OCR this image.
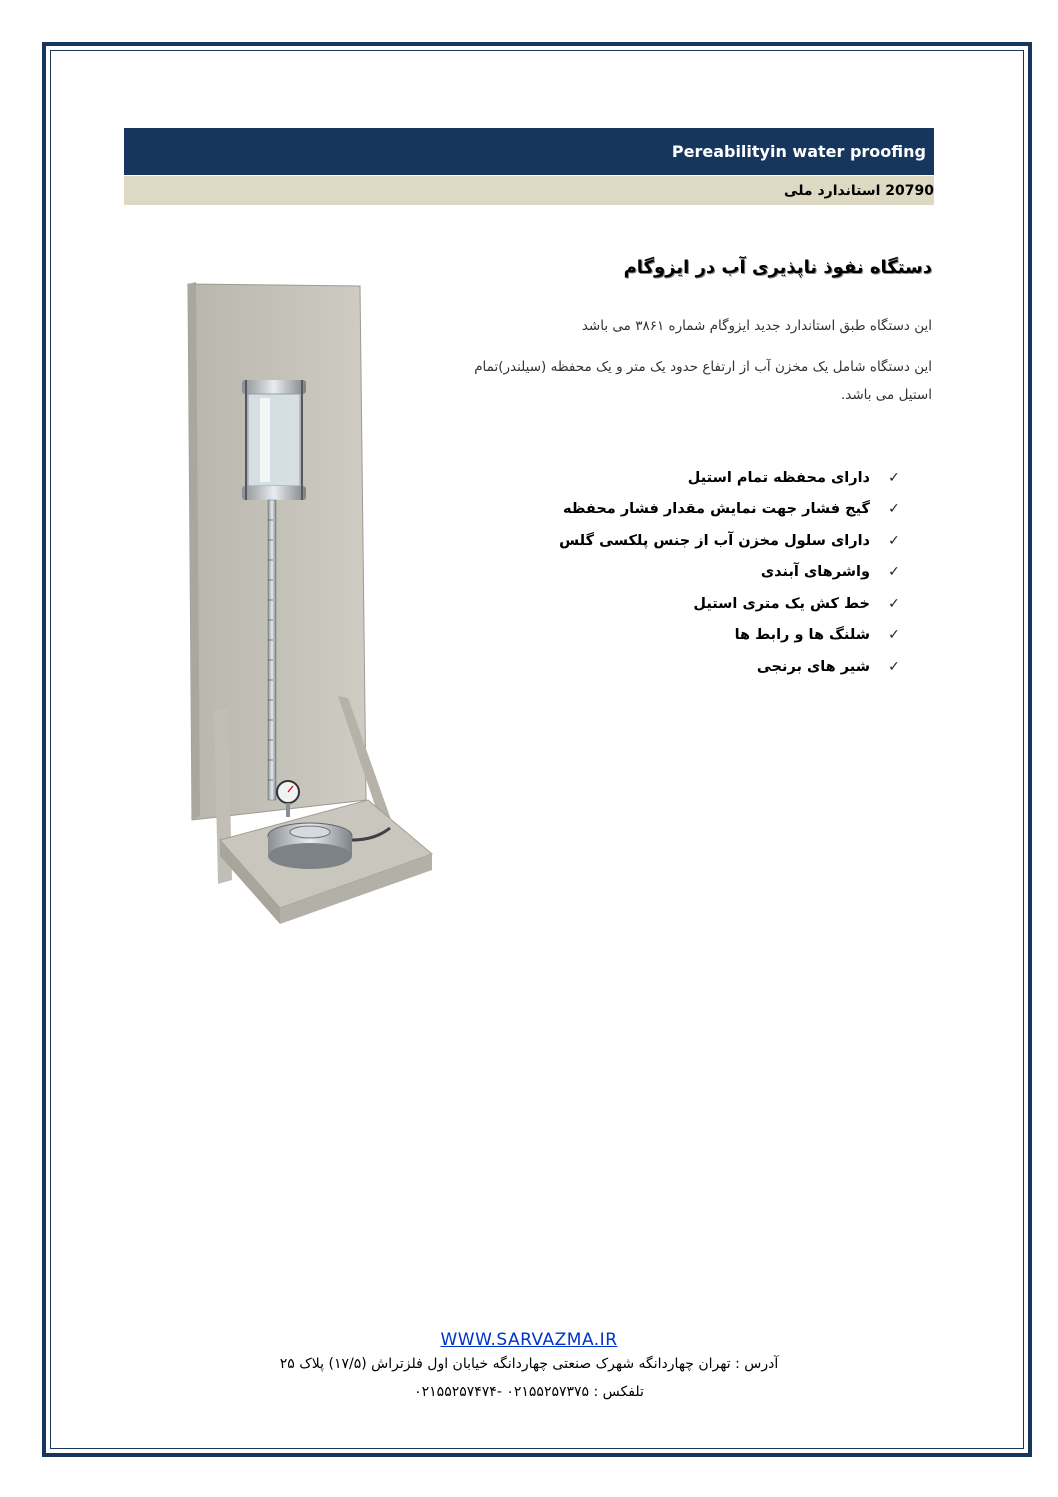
Pereabilityin water proofing
20790 استاندارد ملی
دستگاه نفوذ ناپذیری آب در ایزوگام
این دستگاه طبق استاندارد جدید ایزوگام شماره ۳۸۶۱ می باشد
این دستگاه شامل یک مخزن آب از ارتفاع حدود یک متر و یک محفظه (سیلندر)تمام استیل می باشد.
✓
دارای محفظه تمام استیل
✓
گیج فشار جهت نمایش مقدار فشار محفظه
✓
دارای سلول مخزن آب از جنس پلکسی گلس
✓
واشرهای آبندی
✓
خط کش یک متری استیل
✓
شلنگ ها و رابط ها
✓
شیر های برنجی
WWW.SARVAZMA.IR
آدرس : تهران چهاردانگه شهرک صنعتی چهاردانگه خیابان اول فلزتراش (۱۷/۵) پلاک ۲۵
تلفکس : ۰۲۱۵۵۲۵۷۳۷۵ -۰۲۱۵۵۲۵۷۴۷۴
